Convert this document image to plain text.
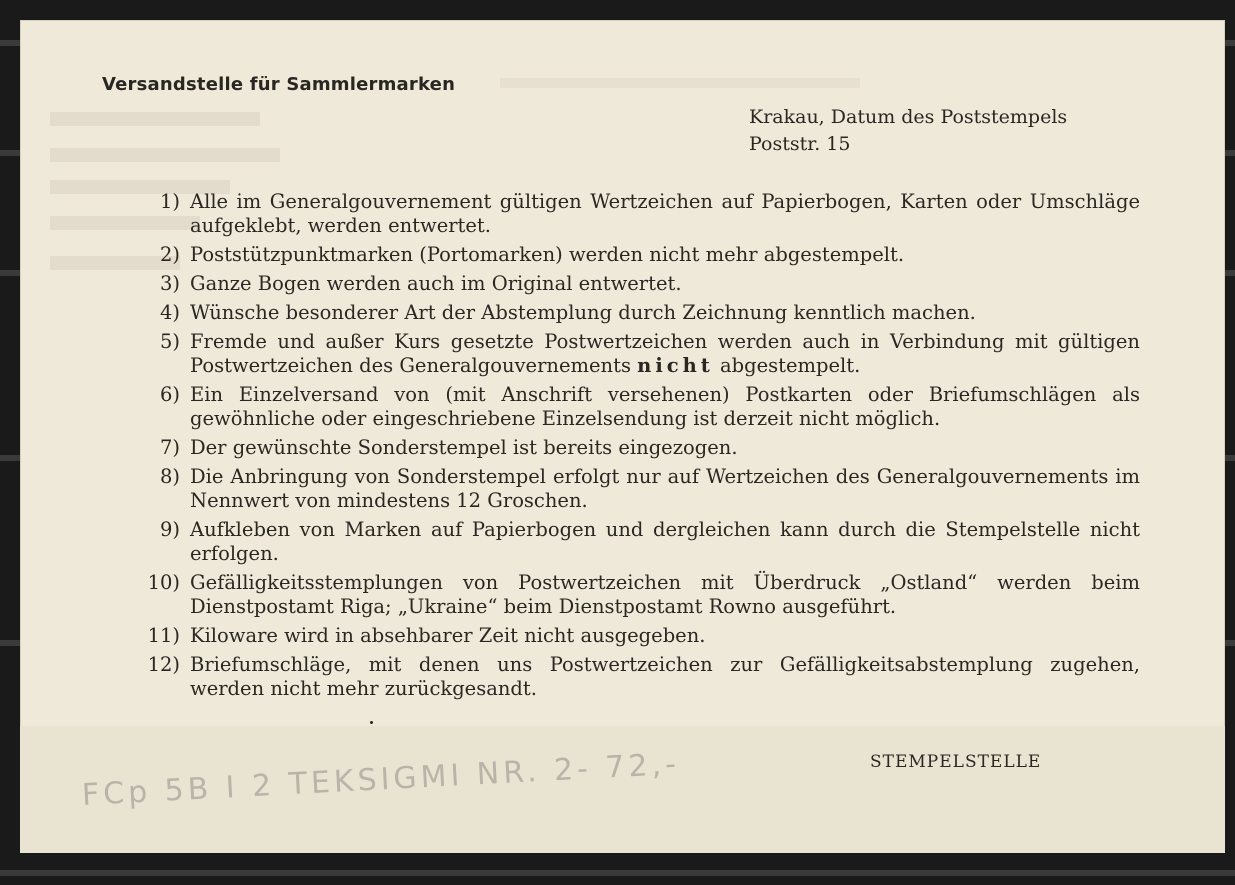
Versandstelle für Sammlermarken
Krakau, Datum des Poststempels
Poststr. 15
1) Alle im Generalgouvernement gültigen Wertzeichen auf Papierbogen, Karten oder Umschläge aufgeklebt, werden entwertet.
2) Poststützpunktmarken (Portomarken) werden nicht mehr abgestempelt.
3) Ganze Bogen werden auch im Original entwertet.
4) Wünsche besonderer Art der Abstemplung durch Zeichnung kenntlich machen.
5) Fremde und außer Kurs gesetzte Postwertzeichen werden auch in Verbindung mit gültigen Postwertzeichen des Generalgouvernements nicht abgestempelt.
6) Ein Einzelversand von (mit Anschrift versehenen) Postkarten oder Briefumschlägen als gewöhnliche oder eingeschriebene Einzelsendung ist derzeit nicht möglich.
7) Der gewünschte Sonderstempel ist bereits eingezogen.
8) Die Anbringung von Sonderstempel erfolgt nur auf Wertzeichen des Generalgouvernements im Nennwert von mindestens 12 Groschen.
9) Aufkleben von Marken auf Papierbogen und dergleichen kann durch die Stempelstelle nicht erfolgen.
10) Gefälligkeitsstemplungen von Postwertzeichen mit Überdruck „Ostland“ werden beim Dienstpostamt Riga; „Ukraine“ beim Dienstpostamt Rowno ausgeführt.
11) Kiloware wird in absehbarer Zeit nicht ausgegeben.
12) Briefumschläge, mit denen uns Postwertzeichen zur Gefälligkeitsabstemplung zugehen, werden nicht mehr zurückgesandt.
STEMPELSTELLE
FCp 5B I 2 TEKSIGMI NR. 2- 72,-
